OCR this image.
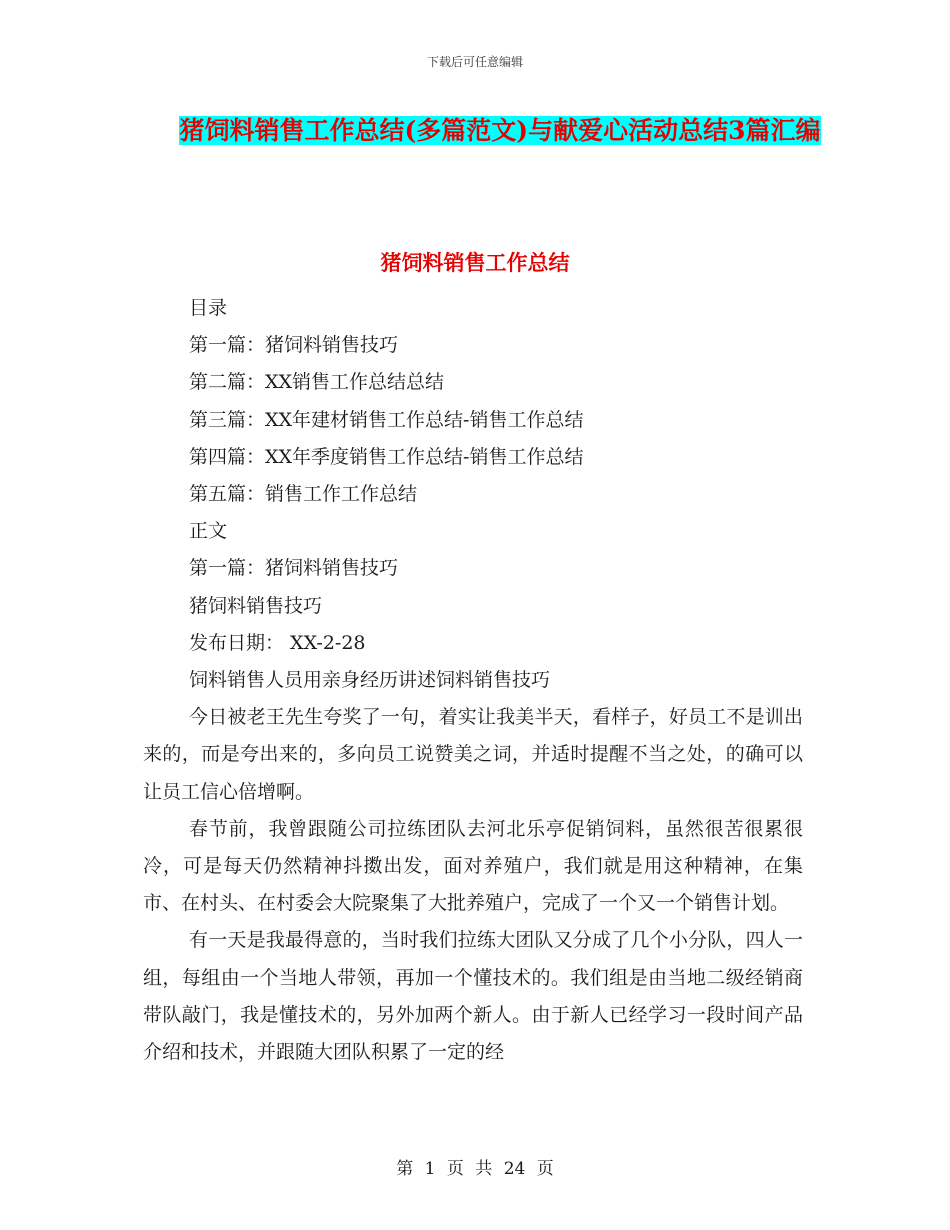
下载后可任意编辑
猪饲料销售工作总结(多篇范文)与献爱心活动总结3篇汇编
猪饲料销售工作总结

目录

第一篇：猪饲料销售技巧

第二篇：XX销售工作总结总结

第三篇：XX年建材销售工作总结-销售工作总结

第四篇：XX年季度销售工作总结-销售工作总结

第五篇：销售工作工作总结

正文

第一篇：猪饲料销售技巧

猪饲料销售技巧

发布日期： XX-2-28

饲料销售人员用亲身经历讲述饲料销售技巧

今日被老王先生夸奖了一句，着实让我美半天，看样子，好员工不是训出来的，而是夸出来的，多向员工说赞美之词，并适时提醒不当之处，的确可以让员工信心倍增啊。

春节前，我曾跟随公司拉练团队去河北乐亭促销饲料，虽然很苦很累很冷，可是每天仍然精神抖擞出发，面对养殖户，我们就是用这种精神，在集市、在村头、在村委会大院聚集了大批养殖户，完成了一个又一个销售计划。

有一天是我最得意的，当时我们拉练大团队又分成了几个小分队，四人一组，每组由一个当地人带领，再加一个懂技术的。我们组是由当地二级经销商带队敲门，我是懂技术的，另外加两个新人。由于新人已经学习一段时间产品介绍和技术，并跟随大团队积累了一定的经

第 1 页 共 24 页
